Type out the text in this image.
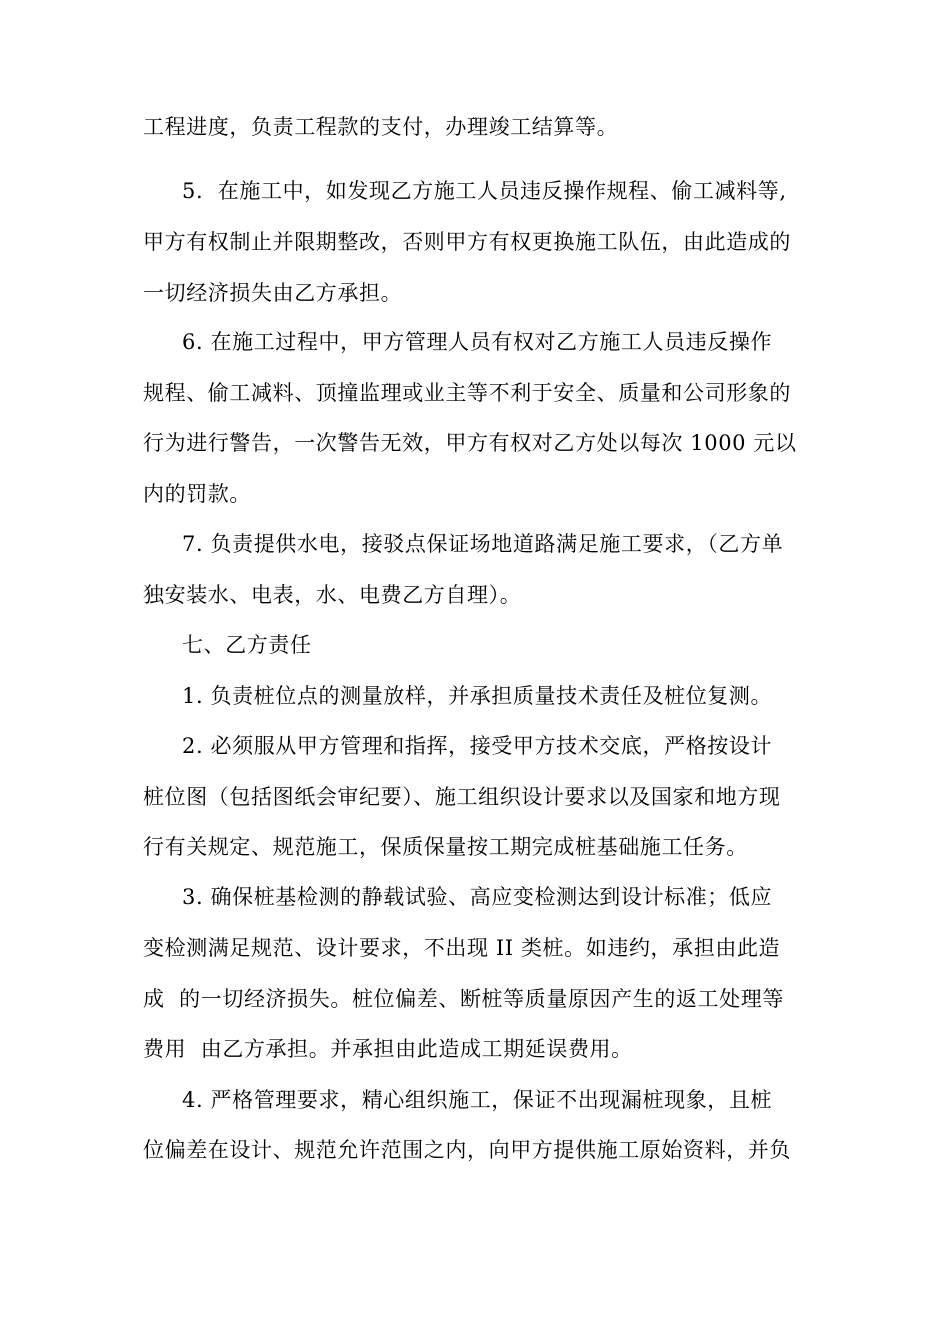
工程进度，负责工程款的支付，办理竣工结算等。
5.  在施工中，如发现乙方施工人员违反操作规程、偷工减料等,
甲方有权制止并限期整改，否则甲方有权更换施工队伍，由此造成的
一切经济损失由乙方承担。
6. 在施工过程中，甲方管理人员有权对乙方施工人员违反操作
规程、偷工减料、顶撞监理或业主等不利于安全、质量和公司形象的
行为进行警告，一次警告无效，甲方有权对乙方处以每次 1000 元以
内的罚款。
7. 负责提供水电，接驳点保证场地道路满足施工要求，（乙方单
独安装水、电表，水、电费乙方自理）。
七、乙方责任
1. 负责桩位点的测量放样，并承担质量技术责任及桩位复测。
2. 必须服从甲方管理和指挥，接受甲方技术交底，严格按设计
桩位图（包括图纸会审纪要）、施工组织设计要求以及国家和地方现
行有关规定、规范施工，保质保量按工期完成桩基础施工任务。
3. 确保桩基检测的静载试验、高应变检测达到设计标准；低应
变检测满足规范、设计要求，不出现 II 类桩。如违约，承担由此造
成  的一切经济损失。桩位偏差、断桩等质量原因产生的返工处理等
费用  由乙方承担。并承担由此造成工期延误费用。
4. 严格管理要求，精心组织施工，保证不出现漏桩现象，且桩
位偏差在设计、规范允许范围之内，向甲方提供施工原始资料，并负
